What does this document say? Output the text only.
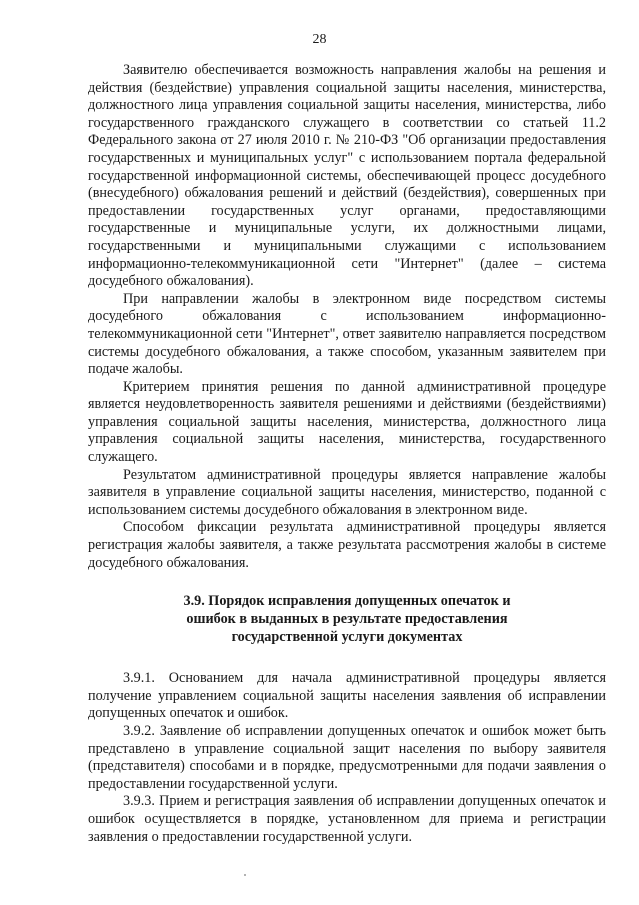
28

Заявителю обеспечивается возможность направления жалобы на решения и действия (бездействие) управления социальной защиты населения, министерства, должностного лица управления социальной защиты населения, министерства, либо государственного гражданского служащего в соответствии со статьей 11.2 Федерального закона от 27 июля 2010 г. № 210-ФЗ "Об организации предоставления государственных и муниципальных услуг" с использованием портала федеральной государственной информационной системы, обеспечивающей процесс досудебного (внесудебного) обжалования решений и действий (бездействия), совершенных при предоставлении государственных услуг органами, предоставляющими государственные и муниципальные услуги, их должностными лицами, государственными и муниципальными служащими с использованием информационно-телекоммуникационной сети "Интернет" (далее – система досудебного обжалования).

При направлении жалобы в электронном виде посредством системы досудебного обжалования с использованием информационно-телекоммуникационной сети "Интернет", ответ заявителю направляется посредством системы досудебного обжалования, а также способом, указанным заявителем при подаче жалобы.

Критерием принятия решения по данной административной процедуре является неудовлетворенность заявителя решениями и действиями (бездействиями) управления социальной защиты населения, министерства, должностного лица управления социальной защиты населения, министерства, государственного служащего.

Результатом административной процедуры является направление жалобы заявителя в управление социальной защиты населения, министерство, поданной с использованием системы досудебного обжалования в электронном виде.

Способом фиксации результата административной процедуры является регистрация жалобы заявителя, а также результата рассмотрения жалобы в системе досудебного обжалования.

3.9. Порядок исправления допущенных опечаток и
ошибок в выданных в результате предоставления
государственной услуги документах

3.9.1. Основанием для начала административной процедуры является получение управлением социальной защиты населения заявления об исправлении допущенных опечаток и ошибок.

3.9.2. Заявление об исправлении допущенных опечаток и ошибок может быть представлено в управление социальной защит населения по выбору заявителя (представителя) способами и в порядке, предусмотренными для подачи заявления о предоставлении государственной услуги.

3.9.3. Прием и регистрация заявления об исправлении допущенных опечаток и ошибок осуществляется в порядке, установленном для приема и регистрации заявления о предоставлении государственной услуги.
